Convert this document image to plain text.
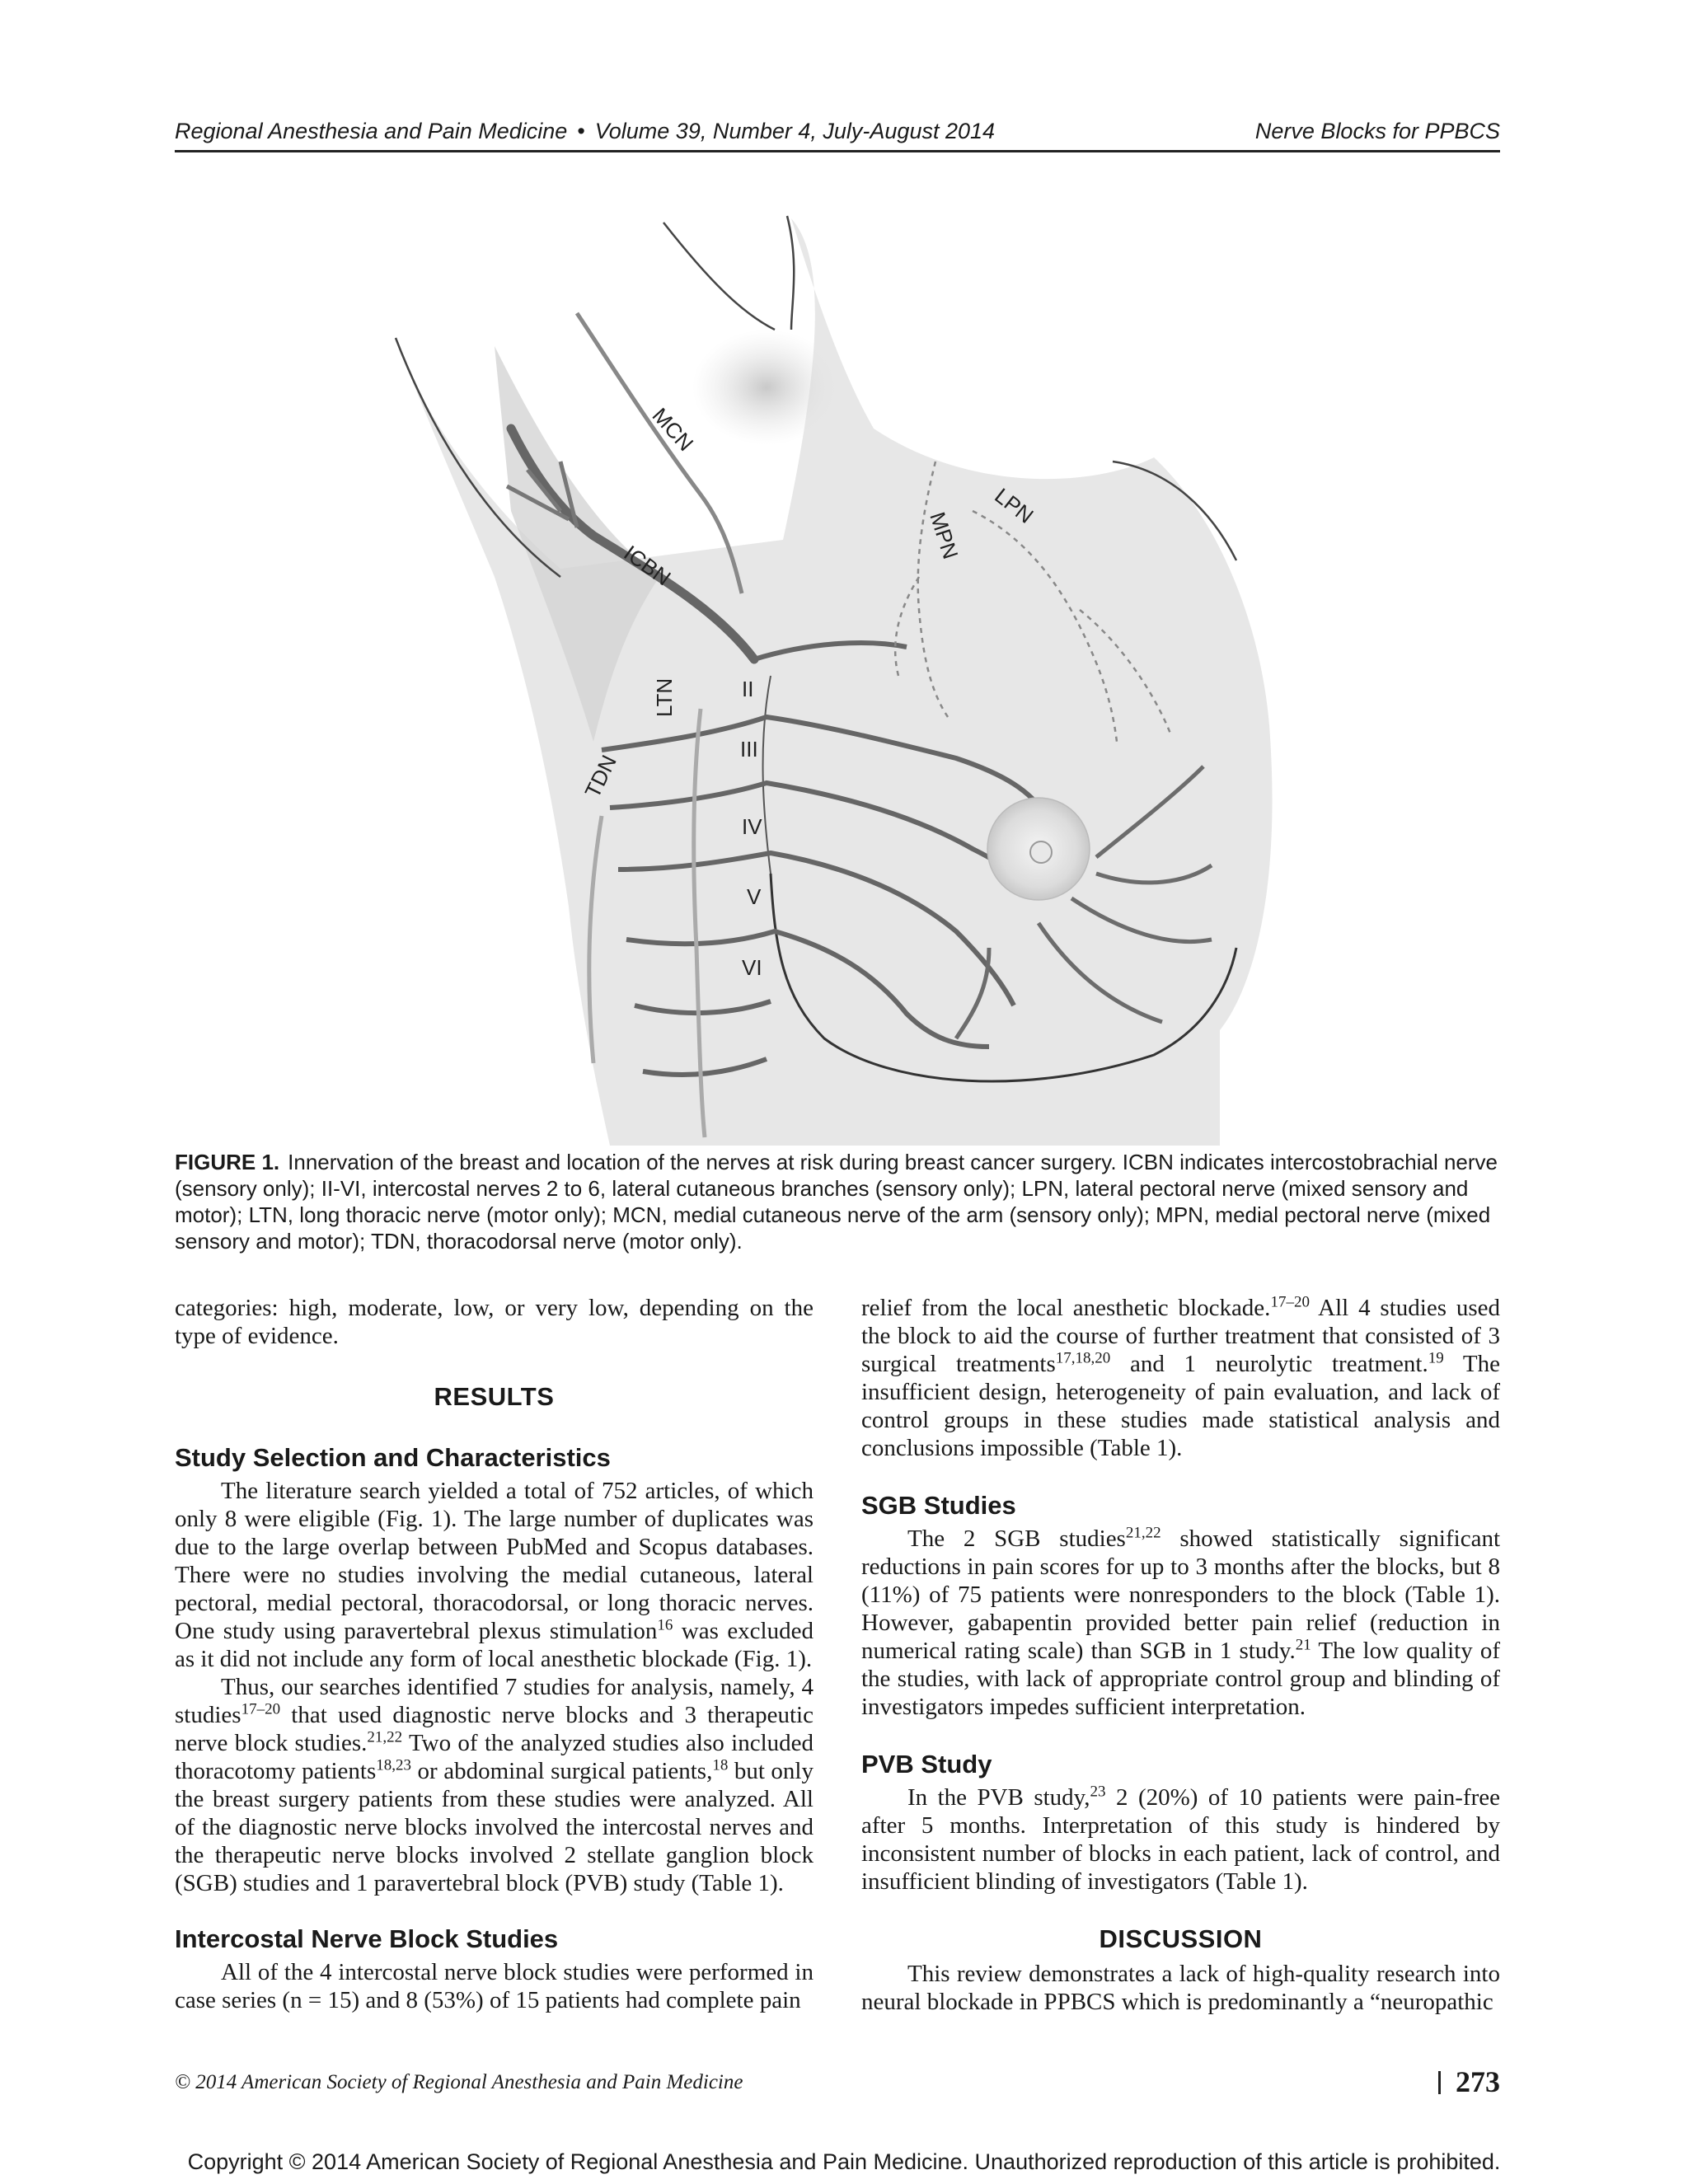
Regional Anesthesia and Pain Medicine • Volume 39, Number 4, July-August 2014	Nerve Blocks for PPBCS
MCN
ICBN
MPN
LPN
LTN
TDN
II
III
IV
V
VI
FIGURE 1. Innervation of the breast and location of the nerves at risk during breast cancer surgery. ICBN indicates intercostobrachial nerve (sensory only); II-VI, intercostal nerves 2 to 6, lateral cutaneous branches (sensory only); LPN, lateral pectoral nerve (mixed sensory and motor); LTN, long thoracic nerve (motor only); MCN, medial cutaneous nerve of the arm (sensory only); MPN, medial pectoral nerve (mixed sensory and motor); TDN, thoracodorsal nerve (motor only).

categories: high, moderate, low, or very low, depending on the type of evidence.

RESULTS
Study Selection and Characteristics

The literature search yielded a total of 752 articles, of which only 8 were eligible (Fig. 1). The large number of duplicates was due to the large overlap between PubMed and Scopus databases. There were no studies involving the medial cutaneous, lateral pectoral, medial pectoral, thoracodorsal, or long thoracic nerves. One study using paravertebral plexus stimulation$^{16}$ was excluded as it did not include any form of local anesthetic blockade (Fig. 1).

Thus, our searches identified 7 studies for analysis, namely, 4 studies$^{17-20}$ that used diagnostic nerve blocks and 3 therapeutic nerve block studies.$^{21,22}$ Two of the analyzed studies also included thoracotomy patients$^{18,23}$ or abdominal surgical patients,$^{18}$ but only the breast surgery patients from these studies were analyzed. All of the diagnostic nerve blocks involved the intercostal nerves and the therapeutic nerve blocks involved 2 stellate ganglion block (SGB) studies and 1 paravertebral block (PVB) study (Table 1).

Intercostal Nerve Block Studies

All of the 4 intercostal nerve block studies were performed in case series (n = 15) and 8 (53%) of 15 patients had complete pain

relief from the local anesthetic blockade.$^{17-20}$ All 4 studies used the block to aid the course of further treatment that consisted of 3 surgical treatments$^{17,18,20}$ and 1 neurolytic treatment.$^{19}$ The insufficient design, heterogeneity of pain evaluation, and lack of control groups in these studies made statistical analysis and conclusions impossible (Table 1).

SGB Studies

The 2 SGB studies$^{21,22}$ showed statistically significant reductions in pain scores for up to 3 months after the blocks, but 8 (11%) of 75 patients were nonresponders to the block (Table 1). However, gabapentin provided better pain relief (reduction in numerical rating scale) than SGB in 1 study.$^{21}$ The low quality of the studies, with lack of appropriate control group and blinding of investigators impedes sufficient interpretation.

PVB Study

In the PVB study,$^{23}$ 2 (20%) of 10 patients were pain-free after 5 months. Interpretation of this study is hindered by inconsistent number of blocks in each patient, lack of control, and insufficient blinding of investigators (Table 1).

DISCUSSION

This review demonstrates a lack of high-quality research into neural blockade in PPBCS which is predominantly a “neuropathic

© 2014 American Society of Regional Anesthesia and Pain Medicine	273
Copyright © 2014 American Society of Regional Anesthesia and Pain Medicine. Unauthorized reproduction of this article is prohibited.
